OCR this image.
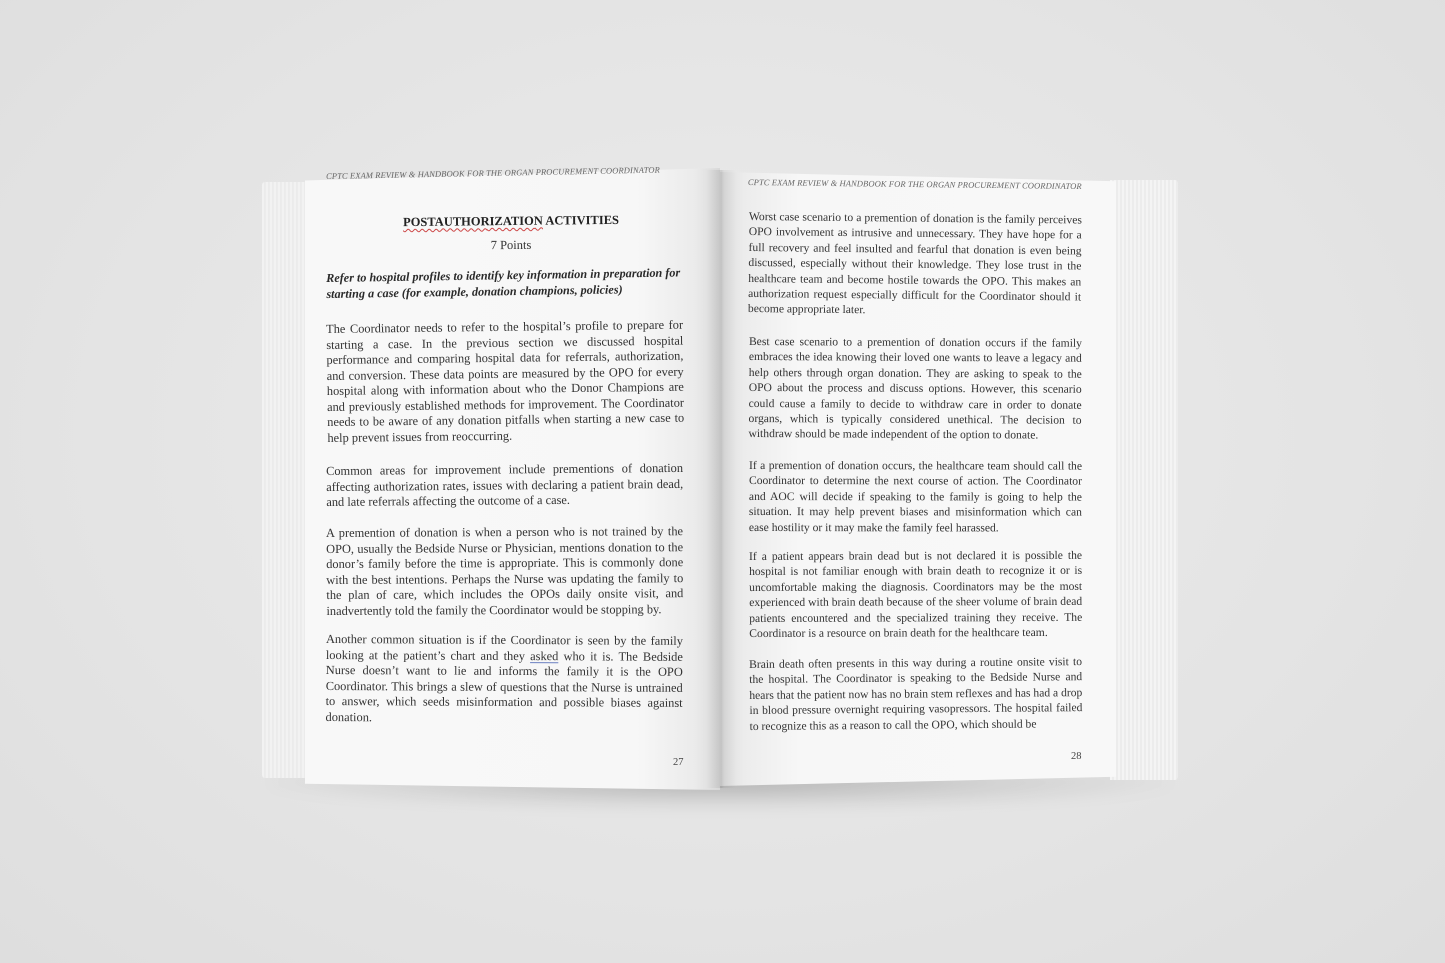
CPTC EXAM REVIEW & HANDBOOK FOR THE ORGAN PROCUREMENT COORDINATOR
POSTAUTHORIZATION ACTIVITIES
7 Points
Refer to hospital profiles to identify key information in preparation for starting a case (for example, donation champions, policies)
The Coordinator needs to refer to the hospital’s profile to prepare for starting a case. In the previous section we discussed hospital performance and comparing hospital data for referrals, authorization, and conversion. These data points are measured by the OPO for every hospital along with information about who the Donor Champions are and previously established methods for improvement. The Coordinator needs to be aware of any donation pitfalls when starting a new case to help prevent issues from reoccurring.
Common areas for improvement include prementions of donation affecting authorization rates, issues with declaring a patient brain dead, and late referrals affecting the outcome of a case.
A premention of donation is when a person who is not trained by the OPO, usually the Bedside Nurse or Physician, mentions donation to the donor’s family before the time is appropriate. This is commonly done with the best intentions. Perhaps the Nurse was updating the family to the plan of care, which includes the OPOs daily onsite visit, and inadvertently told the family the Coordinator would be stopping by.
Another common situation is if the Coordinator is seen by the family looking at the patient’s chart and they asked who it is. The Bedside Nurse doesn’t want to lie and informs the family it is the OPO Coordinator. This brings a slew of questions that the Nurse is untrained to answer, which seeds misinformation and possible biases against donation.
27
CPTC EXAM REVIEW & HANDBOOK FOR THE ORGAN PROCUREMENT COORDINATOR
Worst case scenario to a premention of donation is the family perceives OPO involvement as intrusive and unnecessary. They have hope for a full recovery and feel insulted and fearful that donation is even being discussed, especially without their knowledge. They lose trust in the healthcare team and become hostile towards the OPO. This makes an authorization request especially difficult for the Coordinator should it become appropriate later.
Best case scenario to a premention of donation occurs if the family embraces the idea knowing their loved one wants to leave a legacy and help others through organ donation. They are asking to speak to the OPO about the process and discuss options. However, this scenario could cause a family to decide to withdraw care in order to donate organs, which is typically considered unethical. The decision to withdraw should be made independent of the option to donate.
If a premention of donation occurs, the healthcare team should call the Coordinator to determine the next course of action. The Coordinator and AOC will decide if speaking to the family is going to help the situation. It may help prevent biases and misinformation which can ease hostility or it may make the family feel harassed.
If a patient appears brain dead but is not declared it is possible the hospital is not familiar enough with brain death to recognize it or is uncomfortable making the diagnosis. Coordinators may be the most experienced with brain death because of the sheer volume of brain dead patients encountered and the specialized training they receive. The Coordinator is a resource on brain death for the healthcare team.
Brain death often presents in this way during a routine onsite visit to the hospital. The Coordinator is speaking to the Bedside Nurse and hears that the patient now has no brain stem reflexes and has had a drop in blood pressure overnight requiring vasopressors. The hospital failed to recognize this as a reason to call the OPO, which should be
28
